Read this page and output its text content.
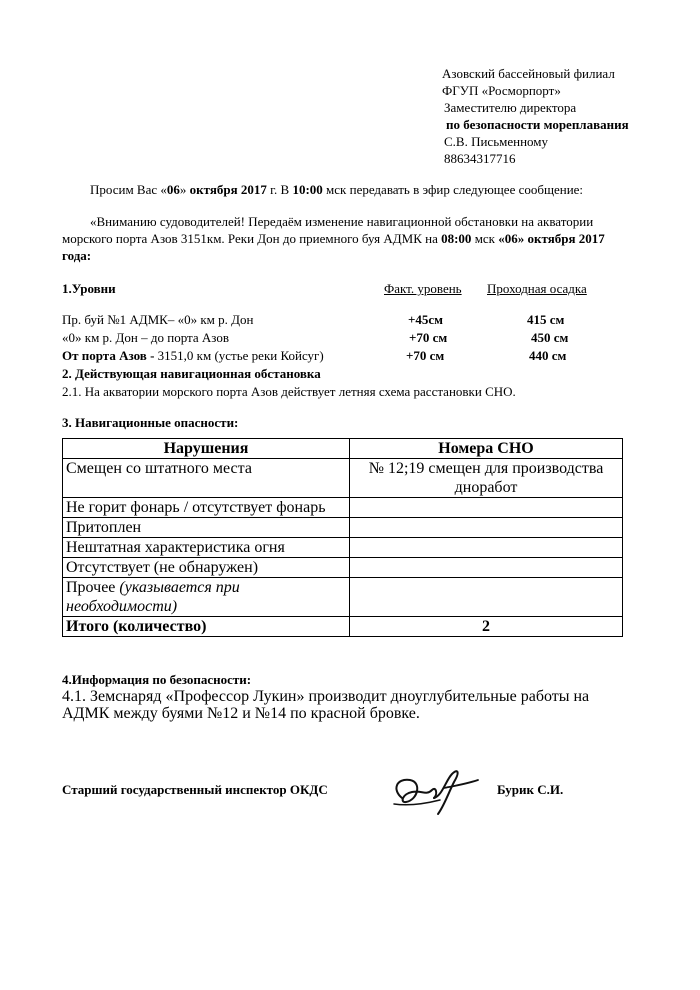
Азовский бассейновый филиал
ФГУП «Росморпорт»
Заместителю директора
по безопасности мореплавания
С.В. Письменному
88634317716
Просим Вас «06» октября 2017 г. В 10:00 мск передавать в эфир следующее сообщение:
«Вниманию судоводителей! Передаём изменение навигационной обстановки на акватории
морского порта Азов 3151км. Реки Дон до приемного буя АДМК на 08:00 мск «06» октября 2017
года:
1.Уровни	Факт. уровень Проходная осадка
Пр. буй №1 АДМК– «0» км р. Дон	+45см	415 см
«0» км р. Дон – до порта Азов	+70 см	450 см
От порта Азов - 3151,0 км (устье реки Койсуг)	+70 см	440 см
2. Действующая навигационная обстановка
2.1. На акватории морского порта Азов действует летняя схема расстановки СНО.
3. Навигационные опасности:
Нарушения	Номера СНО
Смещен со штатного места	№ 12;19 смещен для производства
дноработ

Не горит фонарь / отсутствует фонарь	
Притоплен	
Нештатная характеристика огня	
Отсутствует (не обнаружен)	
Прочее (указывается при
необходимости)	
Итого (количество)	2
4.Информация по безопасности:
4.1. Земснаряд «Профессор Лукин» производит дноуглубительные работы на
АДМК между буями №12 и №14 по красной бровке.
Старший государственный инспектор ОКДС	Бурик С.И.
